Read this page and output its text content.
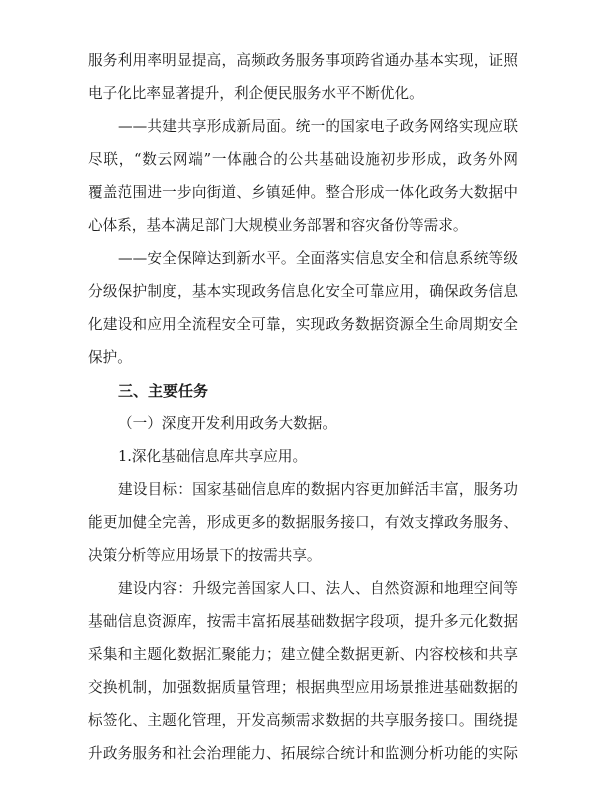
服务利用率明显提高，高频政务服务事项跨省通办基本实现，证照
电子化比率显著提升，利企便民服务水平不断优化。
——共建共享形成新局面。统一的国家电子政务网络实现应联
尽联，“数云网端”一体融合的公共基础设施初步形成，政务外网
覆盖范围进一步向街道、乡镇延伸。整合形成一体化政务大数据中
心体系，基本满足部门大规模业务部署和容灾备份等需求。
——安全保障达到新水平。全面落实信息安全和信息系统等级
分级保护制度，基本实现政务信息化安全可靠应用，确保政务信息
化建设和应用全流程安全可靠，实现政务数据资源全生命周期安全
保护。
三、主要任务
（一）深度开发利用政务大数据。
1.深化基础信息库共享应用。
建设目标：国家基础信息库的数据内容更加鲜活丰富，服务功
能更加健全完善，形成更多的数据服务接口，有效支撑政务服务、
决策分析等应用场景下的按需共享。
建设内容：升级完善国家人口、法人、自然资源和地理空间等
基础信息资源库，按需丰富拓展基础数据字段项，提升多元化数据
采集和主题化数据汇聚能力；建立健全数据更新、内容校核和共享
交换机制，加强数据质量管理；根据典型应用场景推进基础数据的
标签化、主题化管理，开发高频需求数据的共享服务接口。围绕提
升政务服务和社会治理能力、拓展综合统计和监测分析功能的实际
